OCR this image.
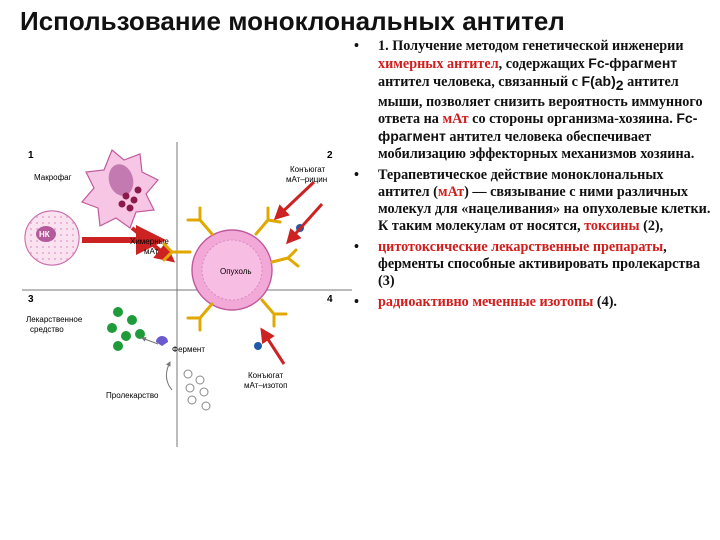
Использование моноклональных антител
1	2
3	4
Макрофаг
НК
Химерные
мАт
Опухоль
Конъюгат
мАт–рицин
Лекарственное
средство
Фермент
Пролекарство
Конъюгат
мАт–изотоп
• 1. Получение методом генетической инженерии химерных антител, содержащих Fc-фрагмент антител человека, связанный с $F(ab)_2$ антител мыши, позволяет снизить вероятность иммунного ответа на мАт со стороны организма-хозяина. Fc-фрагмент антител человека обеспечивает мобилизацию эффекторных механизмов хозяина.
• Терапевтическое действие моноклональных антител (мАт) — связывание с ними различных молекул для «нацеливания» на опухолевые клетки. К таким молекулам от носятся, токсины (2),
• цитотоксические лекарственные препараты, ферменты способные активировать пролекарства (3)
• радиоактивно меченные изотопы (4).
